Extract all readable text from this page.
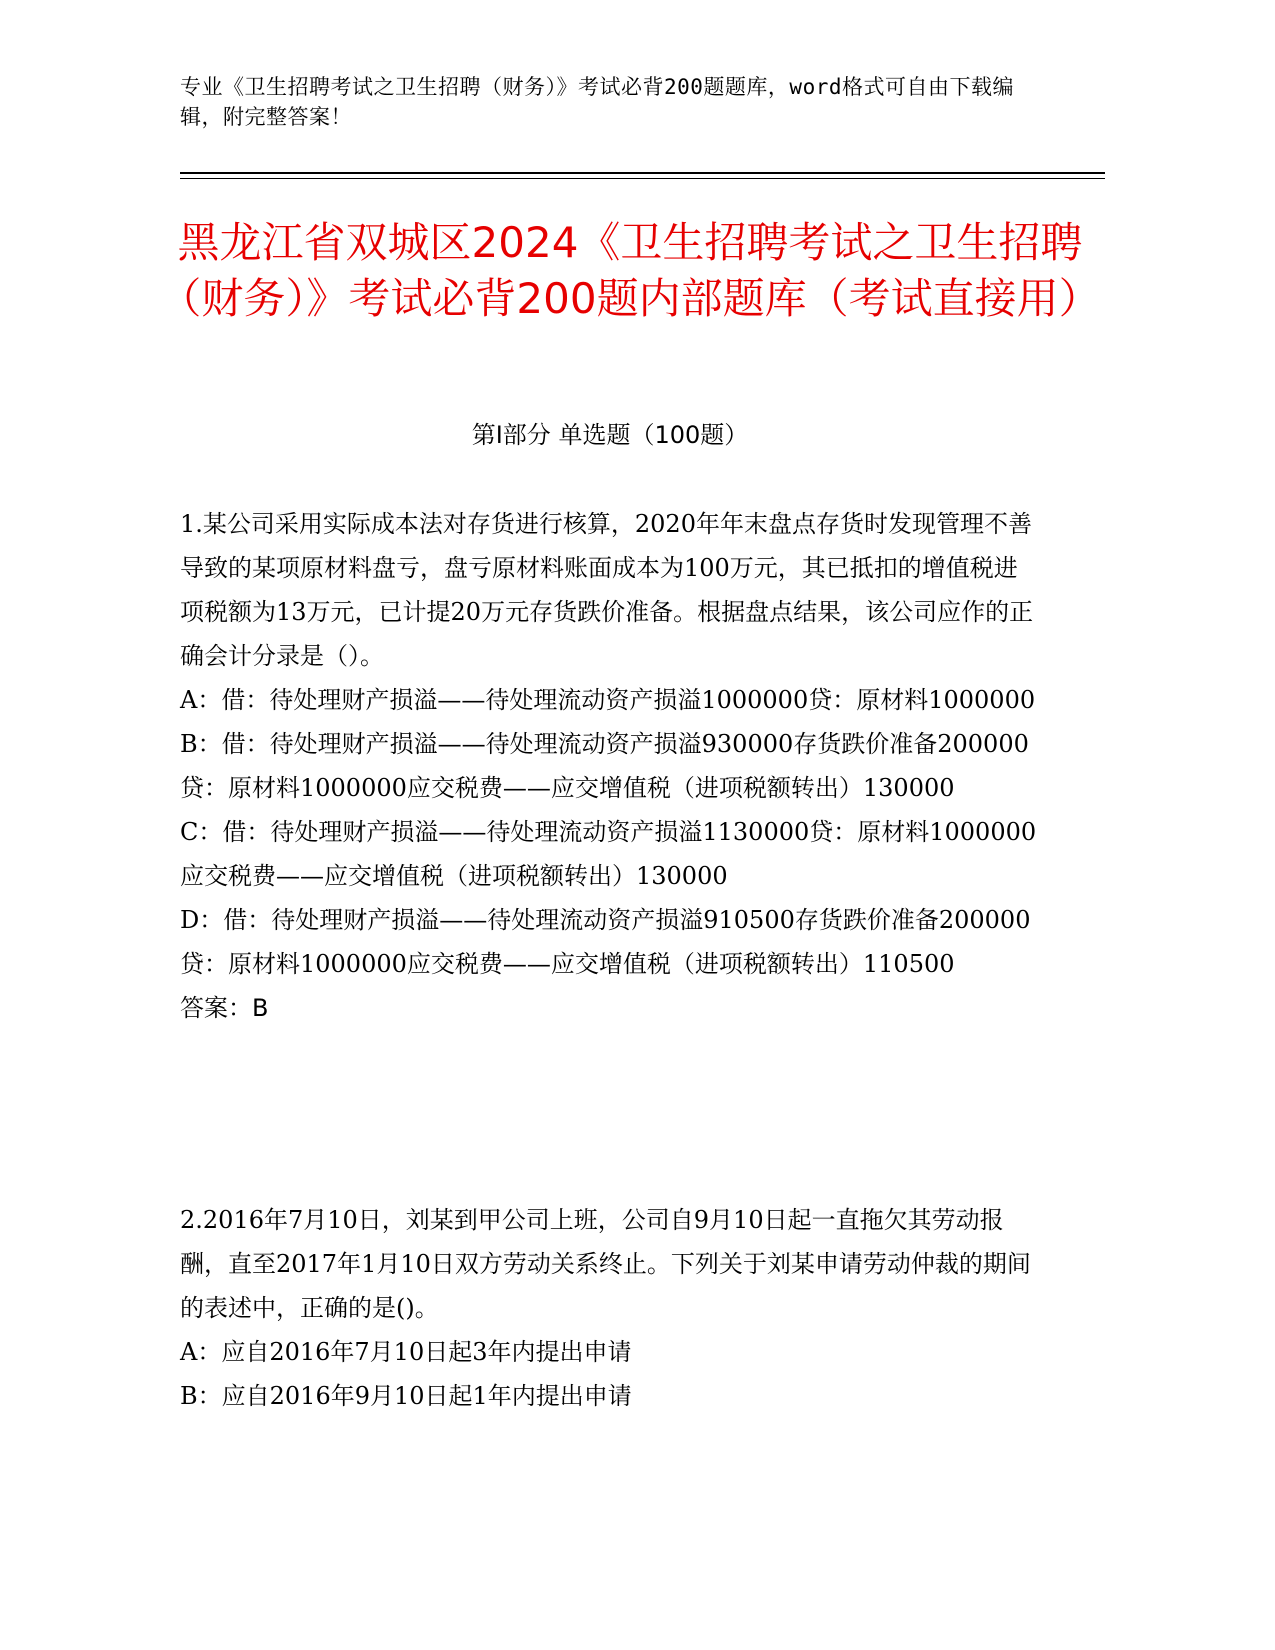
专业《卫生招聘考试之卫生招聘（财务）》考试必背200题题库，word格式可自由下载编辑，附完整答案！
黑龙江省双城区2024《卫生招聘考试之卫生招聘（财务）》考试必背200题内部题库（考试直接用）
第Ⅰ部分 单选题（100题）

1.某公司采用实际成本法对存货进行核算，2020年年末盘点存货时发现管理不善导致的某项原材料盘亏，盘亏原材料账面成本为100万元，其已抵扣的增值税进项税额为13万元，已计提20万元存货跌价准备。根据盘点结果，该公司应作的正确会计分录是（）。

A：借：待处理财产损溢——待处理流动资产损溢1000000贷：原材料1000000

B：借：待处理财产损溢——待处理流动资产损溢930000存货跌价准备200000贷：原材料1000000应交税费——应交增值税（进项税额转出）130000

C：借：待处理财产损溢——待处理流动资产损溢1130000贷：原材料1000000应交税费——应交增值税（进项税额转出）130000

D：借：待处理财产损溢——待处理流动资产损溢910500存货跌价准备200000贷：原材料1000000应交税费——应交增值税（进项税额转出）110500

答案：B

2.2016年7月10日，刘某到甲公司上班，公司自9月10日起一直拖欠其劳动报酬，直至2017年1月10日双方劳动关系终止。下列关于刘某申请劳动仲裁的期间的表述中，正确的是()。

A：应自2016年7月10日起3年内提出申请

B：应自2016年9月10日起1年内提出申请
